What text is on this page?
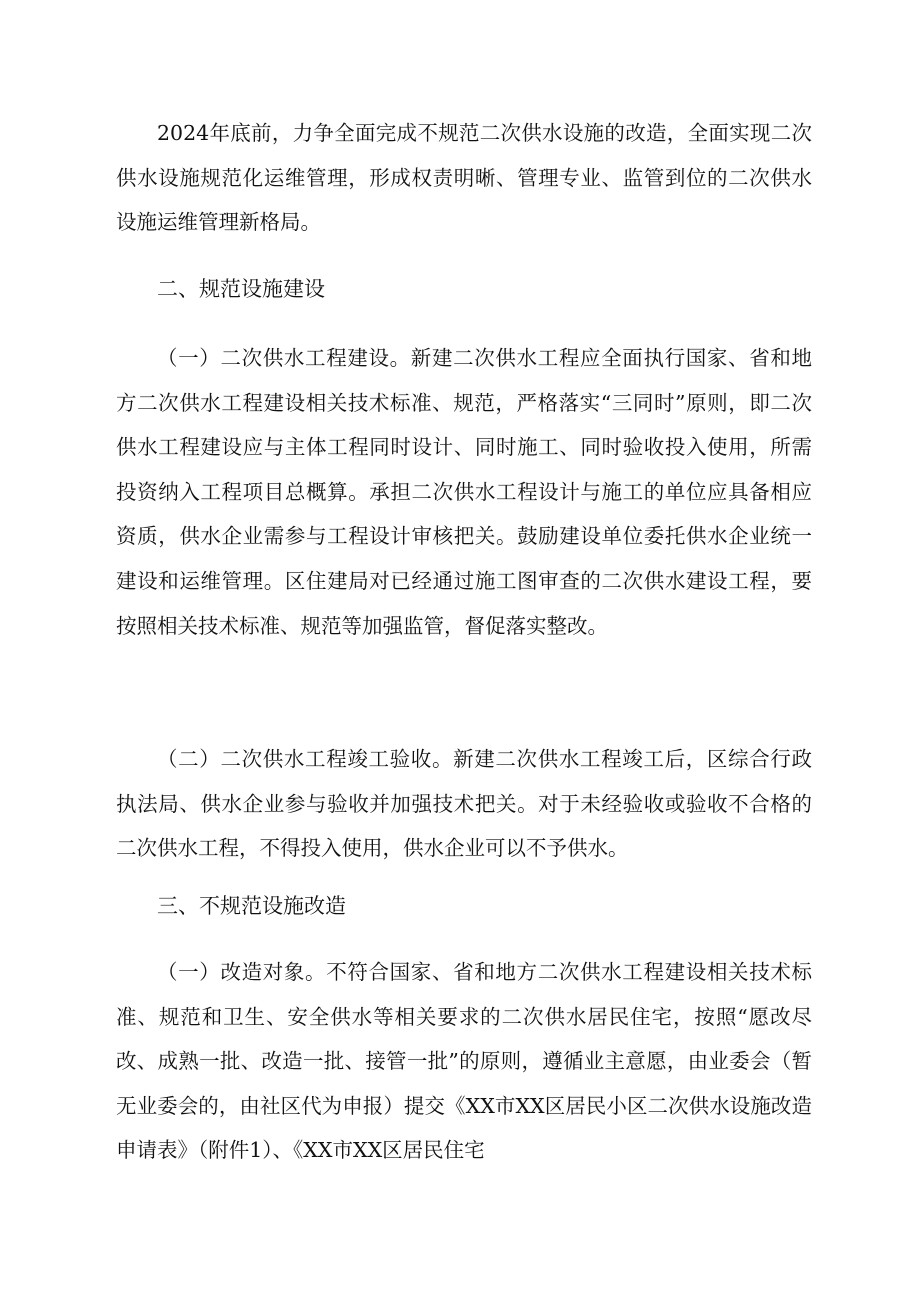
2024年底前，力争全面完成不规范二次供水设施的改造，全面实现二次供水设施规范化运维管理，形成权责明晰、管理专业、监管到位的二次供水设施运维管理新格局。

二、规范设施建设

（一）二次供水工程建设。新建二次供水工程应全面执行国家、省和地方二次供水工程建设相关技术标准、规范，严格落实“三同时”原则，即二次供水工程建设应与主体工程同时设计、同时施工、同时验收投入使用，所需投资纳入工程项目总概算。承担二次供水工程设计与施工的单位应具备相应资质，供水企业需参与工程设计审核把关。鼓励建设单位委托供水企业统一建设和运维管理。区住建局对已经通过施工图审查的二次供水建设工程，要按照相关技术标准、规范等加强监管，督促落实整改。

（二）二次供水工程竣工验收。新建二次供水工程竣工后，区综合行政执法局、供水企业参与验收并加强技术把关。对于未经验收或验收不合格的二次供水工程，不得投入使用，供水企业可以不予供水。

三、不规范设施改造

（一）改造对象。不符合国家、省和地方二次供水工程建设相关技术标准、规范和卫生、安全供水等相关要求的二次供水居民住宅，按照“愿改尽改、成熟一批、改造一批、接管一批”的原则，遵循业主意愿，由业委会（暂无业委会的，由社区代为申报）提交《XX市XX区居民小区二次供水设施改造申请表》（附件1）、《XX市XX区居民住宅
